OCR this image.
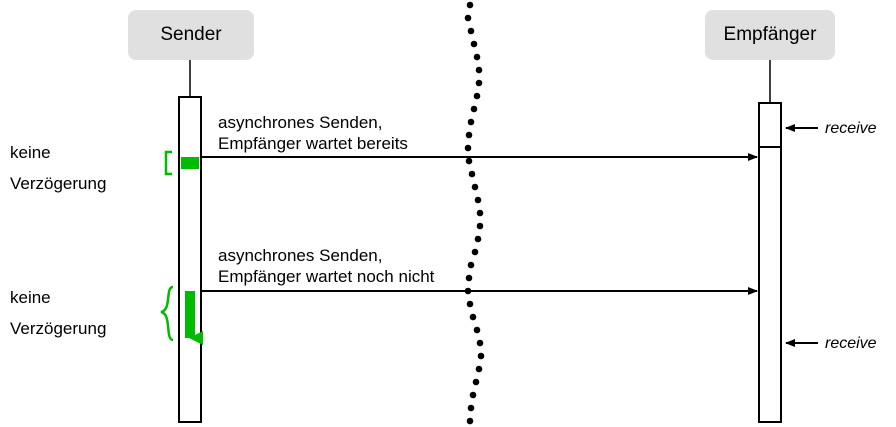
Sender	Empfänger
asynchrones Senden,
Empfänger wartet bereits
asynchrones Senden,
Empfänger wartet noch nicht
keine
Verzögerung
keine
Verzögerung
receive
receive
